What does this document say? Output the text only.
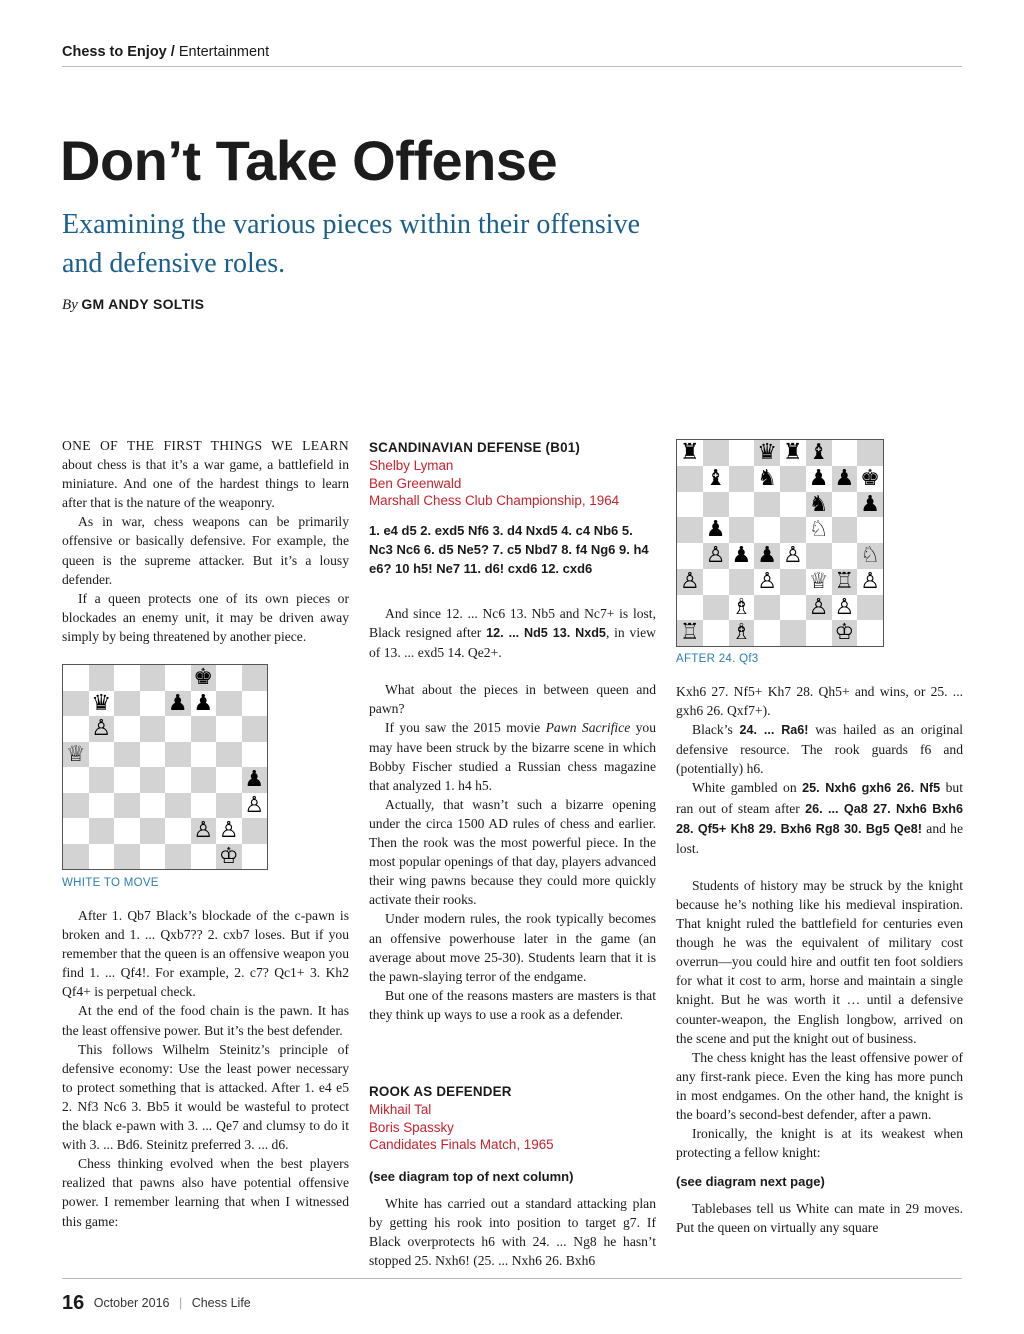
Chess to Enjoy / Entertainment
Don’t Take Offense
Examining the various pieces within their offensive and defensive roles.
By GM ANDY SOLTIS

ONE OF THE FIRST THINGS WE LEARN about chess is that it’s a war game, a battlefield in miniature. And one of the hardest things to learn after that is the nature of the weaponry.

As in war, chess weapons can be primarily offensive or basically defensive. For example, the queen is the supreme attacker. But it’s a lousy defender.

If a queen protects one of its own pieces or blockades an enemy unit, it may be driven away simply by being threatened by another piece.

♚
♛	♟ ♟
♙
♕
♟
♙
♙ ♙
♔
WHITE TO MOVE

After 1. Qb7 Black’s blockade of the c-pawn is broken and 1. ... Qxb7?? 2. cxb7 loses. But if you remember that the queen is an offensive weapon you find 1. ... Qf4!. For example, 2. c7? Qc1+ 3. Kh2 Qf4+ is perpetual check.

At the end of the food chain is the pawn. It has the least offensive power. But it’s the best defender.

This follows Wilhelm Steinitz’s principle of defensive economy: Use the least power necessary to protect something that is attacked. After 1. e4 e5 2. Nf3 Nc6 3. Bb5 it would be wasteful to protect the black e-pawn with 3. ... Qe7 and clumsy to do it with 3. ... Bd6. Steinitz preferred 3. ... d6.

Chess thinking evolved when the best players realized that pawns also have potential offensive power. I remember learning that when I witnessed this game:

SCANDINAVIAN DEFENSE (B01)
Shelby Lyman
Ben Greenwald
Marshall Chess Club Championship, 1964
1. e4 d5 2. exd5 Nf6 3. d4 Nxd5 4. c4 Nb6 5. Nc3 Nc6 6. d5 Ne5? 7. c5 Nbd7 8. f4 Ng6 9. h4 e6? 10 h5! Ne7 11. d6! cxd6 12. cxd6

And since 12. ... Nc6 13. Nb5 and Nc7+ is lost, Black resigned after 12. ... Nd5 13. Nxd5, in view of 13. ... exd5 14. Qe2+.

What about the pieces in between queen and pawn?

If you saw the 2015 movie Pawn Sacrifice you may have been struck by the bizarre scene in which Bobby Fischer studied a Russian chess magazine that analyzed 1. h4 h5.

Actually, that wasn’t such a bizarre opening under the circa 1500 AD rules of chess and earlier. Then the rook was the most powerful piece. In the most popular openings of that day, players advanced their wing pawns because they could more quickly activate their rooks.

Under modern rules, the rook typically becomes an offensive powerhouse later in the game (an average about move 25-30). Students learn that it is the pawn-slaying terror of the endgame.

But one of the reasons masters are masters is that they think up ways to use a rook as a defender.

ROOK AS DEFENDER
Mikhail Tal
Boris Spassky
Candidates Finals Match, 1965
(see diagram top of next column)

White has carried out a standard attacking plan by getting his rook into position to target g7. If Black overprotects h6 with 24. ... Ng8 he hasn’t stopped 25. Nxh6! (25. ... Nxh6 26. Bxh6

♜	♛ ♜ ♝
♝ ♞ ♟ ♟ ♚
♞ ♟
♟	♘
♙ ♟ ♟ ♙	♘
♙	♙ ♕ ♖ ♙
♗	♙ ♙
♖ ♗	♔
AFTER 24. Qf3

Kxh6 27. Nf5+ Kh7 28. Qh5+ and wins, or 25. ... gxh6 26. Qxf7+).

Black’s 24. ... Ra6! was hailed as an original defensive resource. The rook guards f6 and (potentially) h6.

White gambled on 25. Nxh6 gxh6 26. Nf5 but ran out of steam after 26. ... Qa8 27. Nxh6 Bxh6 28. Qf5+ Kh8 29. Bxh6 Rg8 30. Bg5 Qe8! and he lost.

Students of history may be struck by the knight because he’s nothing like his medieval inspiration. That knight ruled the battlefield for centuries even though he was the equivalent of military cost overrun—you could hire and outfit ten foot soldiers for what it cost to arm, horse and maintain a single knight. But he was worth it … until a defensive counter-weapon, the English longbow, arrived on the scene and put the knight out of business.

The chess knight has the least offensive power of any first-rank piece. Even the king has more punch in most endgames. On the other hand, the knight is the board’s second-best defender, after a pawn.

Ironically, the knight is at its weakest when protecting a fellow knight:

(see diagram next page)

Tablebases tell us White can mate in 29 moves. Put the queen on virtually any square

16 October 2016 | Chess Life
